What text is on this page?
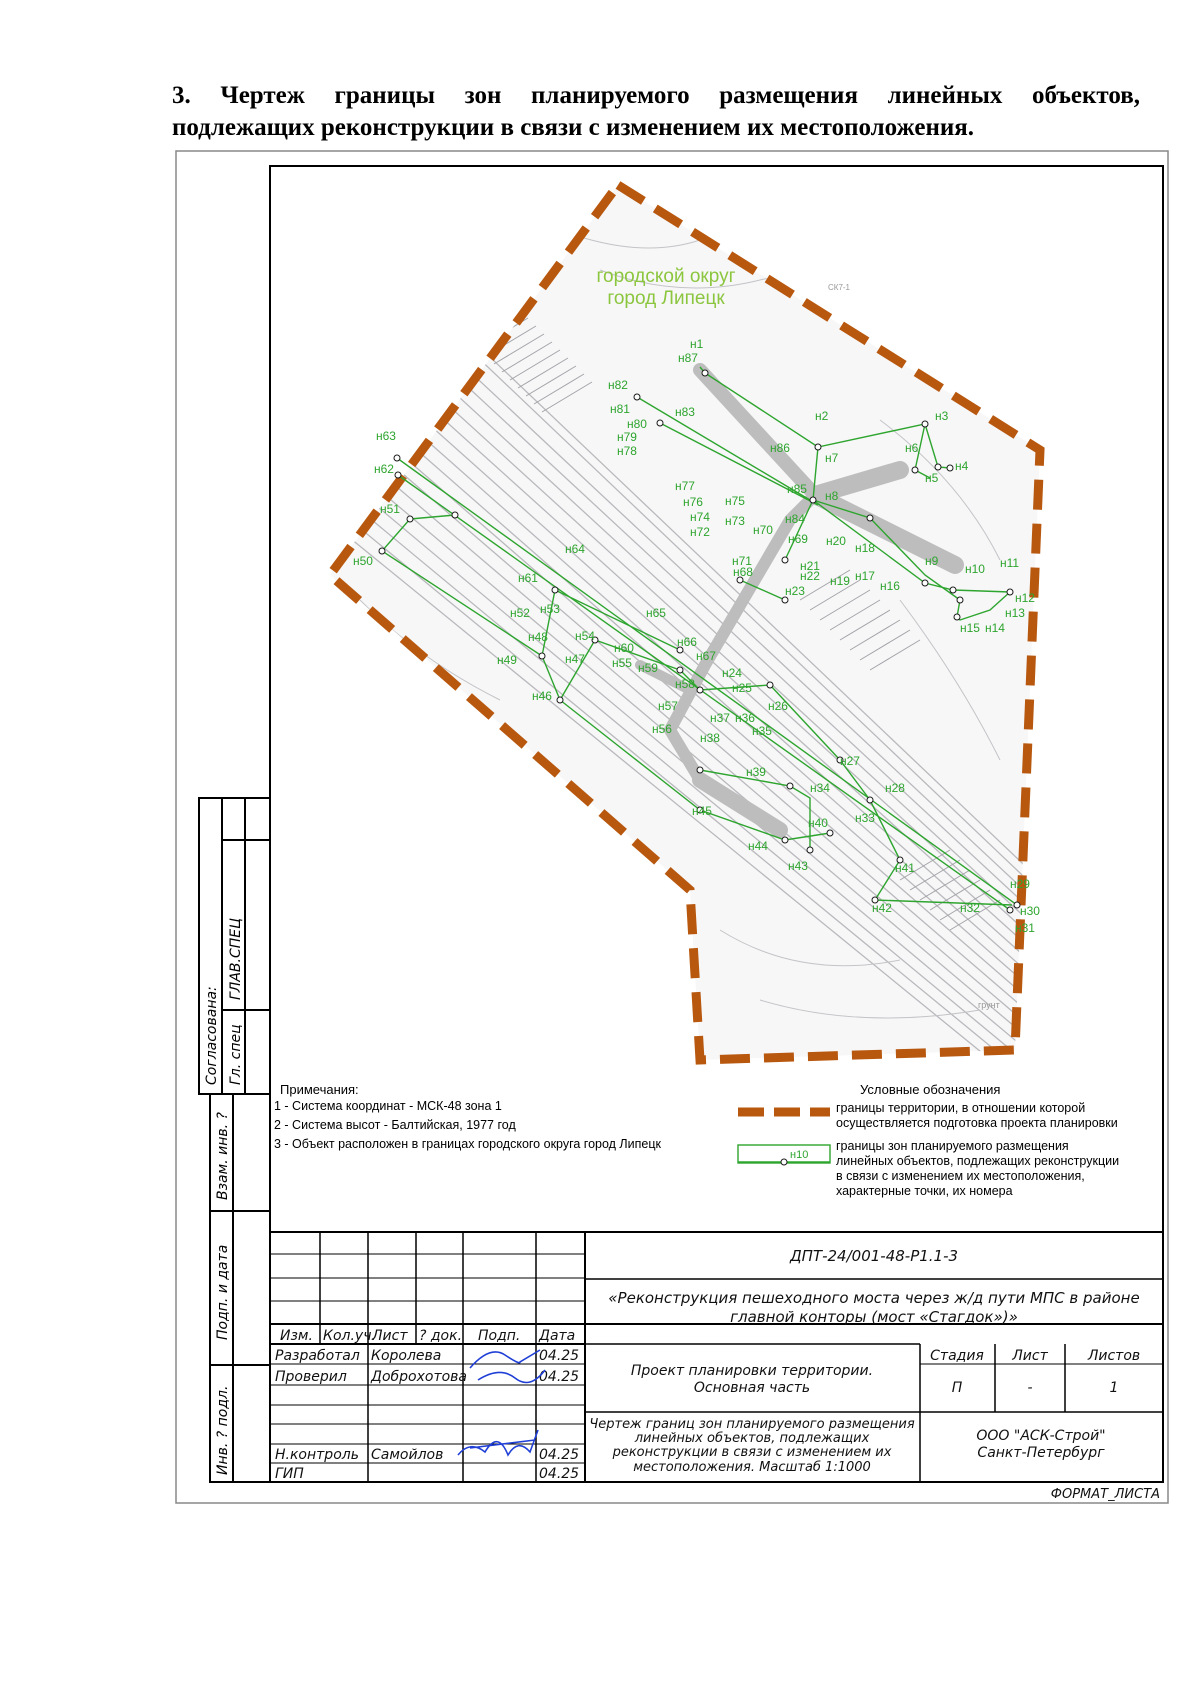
3. Чертеж границы зон планируемого размещения линейных объектов,
подлежащих реконструкции в связи с изменением их местоположения.
городской округ
город Липецк
СК7-1
грунт
н1
н2	н3
н4
н5
н7
н6
н8
н9
н10 н11
н12
н13
н14
н15
н16
н17
н18
н19
н20
н21
н22
н23
н24
н25
н26
н27
н28
н29
н30
н31
н32
н33
н34
н35
н36
н37
н38
н39
н40
н41
н42
н43
н44
н45
н46
н47
н48
н49
н50
н51
н52 н53
н54
н55
н56
н57
н58
н59
н60
н61
н62
н63
н64
н65
н66
н67
н68
н69
н70
н71
н72
н73
н74
н75
н76
н77
н78
н79
н80
н81
н82
н83
н84
н85
н86
н87
Примечания:
1 - Система координат - МСК-48 зона 1
2 - Система высот - Балтийская, 1977 год
3 - Объект расположен в границах городского округа город Липецк
Условные обозначения
границы территории, в отношении которой
осуществляется подготовка проекта планировки
н10
границы зон планируемого размещения
линейных объектов, подлежащих реконструкции
в связи с изменением их местоположения,
характерные точки, их номера
Согласована:
ГЛАВ.СПЕЦ
Гл. спец
Взам. инв. ?
Подп. и дата
Инв. ? подл.
ДПТ-24/001-48-Р1.1-3
«Реконструкция пешеходного моста через ж/д пути МПС в районе
главной конторы (мост «Стагдок»)»
Изм. Кол.уч.
Лист ? док. Подп. Дата
Разработал Королева	04.25
Проверил Доброхотова	04.25
Н.контроль Самойлов	04.25
ГИП	04.25
Проект планировки территории.
Основная часть
Стадия Лист	Листов
П	-	1
Чертеж границ зон планируемого размещения
линейных объектов, подлежащих
реконструкции в связи с изменением их
местоположения. Масштаб 1:1000
ООО "АСК-Строй"
Санкт-Петербург
ФОРМАТ_ЛИСТА
